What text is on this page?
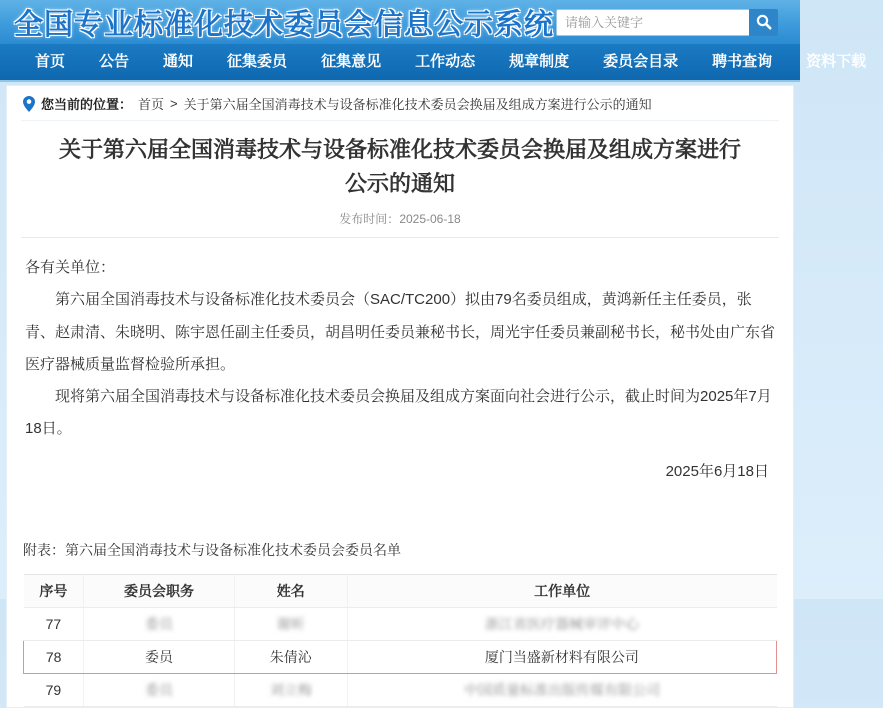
全国专业标准化技术委员会信息公示系统
请输入关键字
首页	公告	通知	征集委员	征集意见	工作动态	规章制度	委员会目录	聘书查询	资料下载
您当前的位置： 首页 > 关于第六届全国消毒技术与设备标准化技术委员会换届及组成方案进行公示的通知
关于第六届全国消毒技术与设备标准化技术委员会换届及组成方案进行公示的通知
发布时间：2025-06-18

各有关单位：

第六届全国消毒技术与设备标准化技术委员会（SAC/TC200）拟由79名委员组成，黄鸿新任主任委员，张青、赵肃清、朱晓明、陈宇恩任副主任委员，胡昌明任委员兼秘书长，周光宇任委员兼副秘书长，秘书处由广东省医疗器械质量监督检验所承担。

现将第六届全国消毒技术与设备标准化技术委员会换届及组成方案面向社会进行公示，截止时间为2025年7月18日。

2025年6月18日
附表：第六届全国消毒技术与设备标准化技术委员会委员名单
序号	委员会职务	姓名	工作单位
77	委员	谢昕	浙江省医疗器械审评中心
78	委员	朱倩沁	厦门当盛新材料有限公司
79	委员	刘立梅	中国质量标准出版传媒有限公司
